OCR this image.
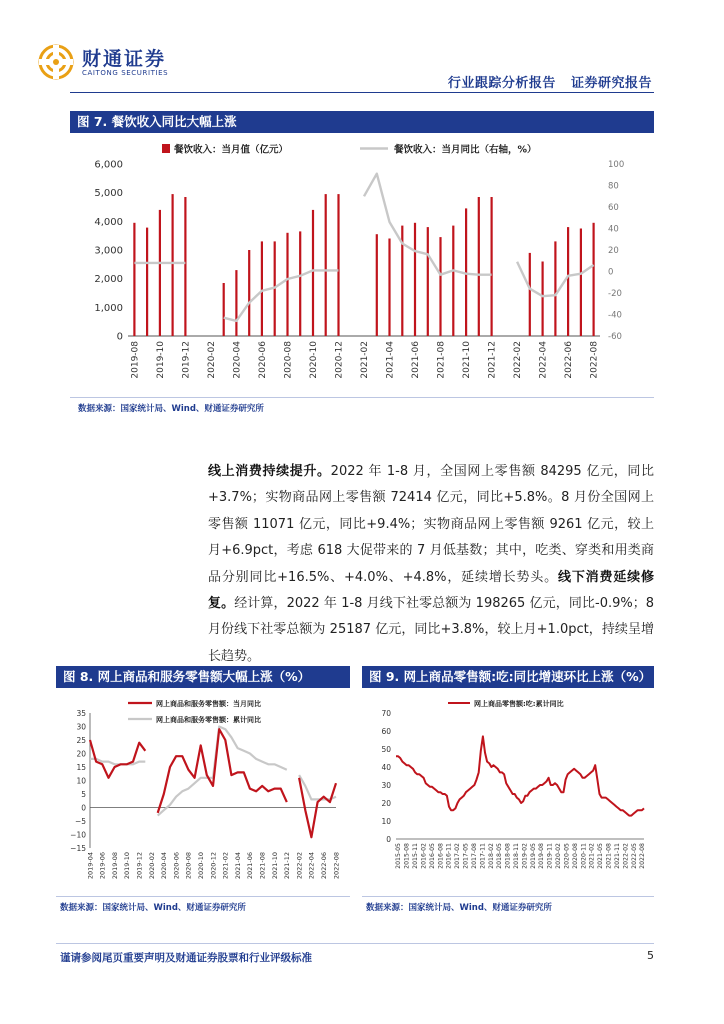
财通证券
CAITONG SECURITIES
行业跟踪分析报告   证券研究报告
图 7. 餐饮收入同比大幅上涨
0
1,000
2,000
3,000
4,000
5,000
6,000
-60
-40
-20
0
20
40
60
80
100
2019-08 2019-10 2019-12 2020-02 2020-04 2020-06 2020-08 2020-10 2020-12 2021-02 2021-04 2021-06 2021-08 2021-10 2021-12 2022-02 2022-04 2022-06 2022-08
餐饮收入：当月值（亿元）	餐饮收入：当月同比（右轴，%）
数据来源：国家统计局、Wind、财通证券研究所
线上消费持续提升。2022 年 1-8 月，全国网上零售额 84295 亿元，同比+3.7%；实物商品网上零售额 72414 亿元，同比+5.8%。8 月份全国网上零售额 11071 亿元，同比+9.4%；实物商品网上零售额 9261 亿元，较上月+6.9pct，考虑 618 大促带来的 7 月低基数；其中，吃类、穿类和用类商品分别同比+16.5%、+4.0%、+4.8%，延续增长势头。线下消费延续修复。经计算，2022 年 1-8 月线下社零总额为 198265 亿元，同比-0.9%；8 月份线下社零总额为 25187 亿元，同比+3.8%，较上月+1.0pct，持续呈增长趋势。
图 8. 网上商品和服务零售额大幅上涨（%）
−15
−10
−5
0
5
10
15
20
25
30
35
2019-04 2019-06 2019-08 2019-10 2019-12 2020-02 2020-04 2020-06 2020-08 2020-10 2020-12 2021-02 2021-04 2021-06 2021-08 2021-10 2021-12 2022-02 2022-04 2022-06 2022-08
网上商品和服务零售额：当月同比
网上商品和服务零售额：累计同比
数据来源：国家统计局、Wind、财通证券研究所
图 9. 网上商品零售额:吃:同比增速环比上涨（%）
0
10
20
30
40
50
60
70
2015-05 2015-08 2015-11 2016-02 2016-05 2016-08 2016-11 2017-02 2017-05 2017-08 2017-11 2018-02 2018-05 2018-08 2018-11 2019-02 2019-05 2019-08 2019-11 2020-02 2020-05 2020-08 2020-11 2021-02 2021-05 2021-08 2021-11 2022-02 2022-05 2022-08
网上商品零售额:吃:累计同比
数据来源：国家统计局、Wind、财通证券研究所
谨请参阅尾页重要声明及财通证券股票和行业评级标准	5
